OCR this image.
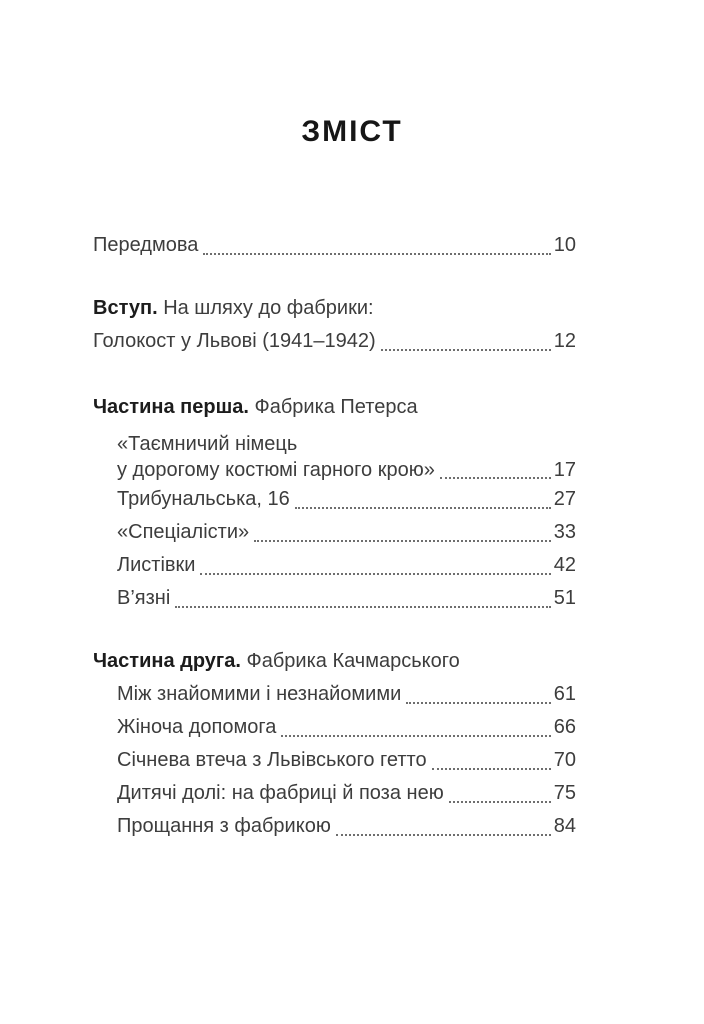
ЗМІСТ
Передмова	10
Вступ. На шляху до фабрики:
Голокост у Львові (1941–1942)	12
Частина перша. Фабрика Петерса
«Таємничий німець
у дорогому костюмі гарного крою»	17
Трибунальська, 16	27
«Спеціалісти»	33
Листівки	42
В’язні	51
Частина друга. Фабрика Качмарського
Між знайомими і незнайомими	61
Жіноча допомога	66
Січнева втеча з Львівського гетто	70
Дитячі долі: на фабриці й поза нею	75
Прощання з фабрикою	84
